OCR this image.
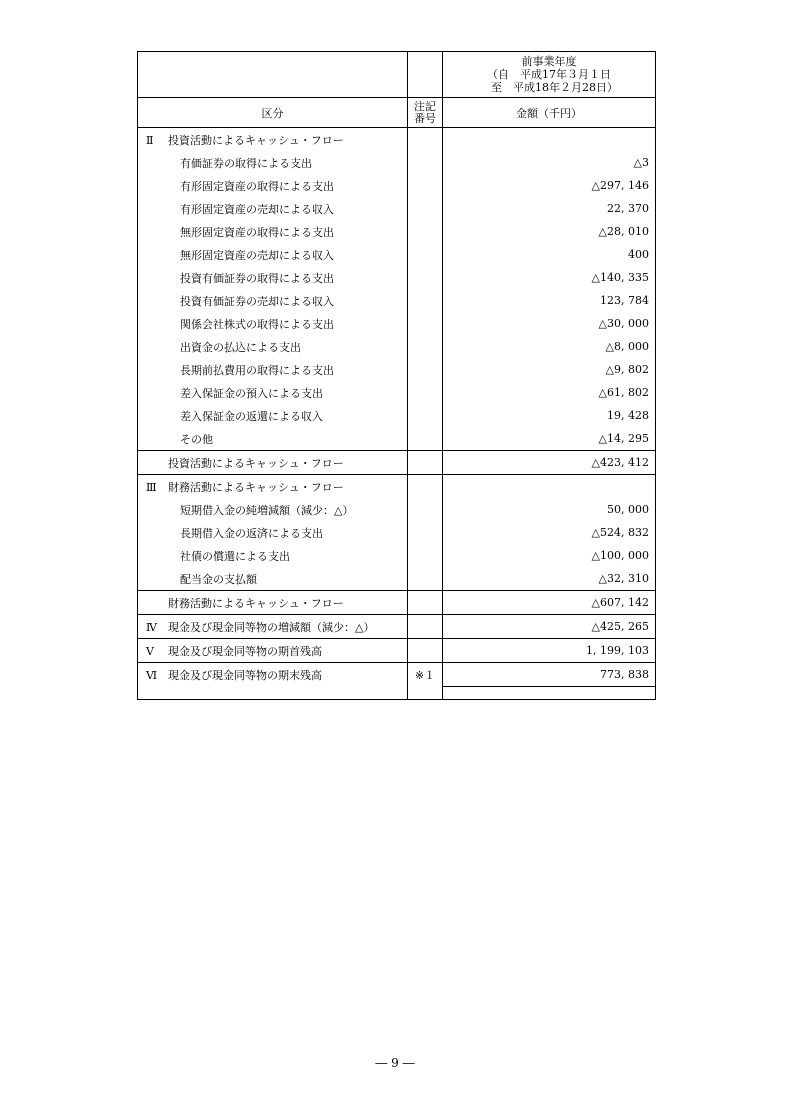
		前事業年度
（自　平成17年３月１日
　至　平成18年２月28日）

区分	注記番号	金額（千円）
Ⅱ 投資活動によるキャッシュ・フロー		
有価証券の取得による支出		△3
有形固定資産の取得による支出		△297, 146
有形固定資産の売却による収入		22, 370
無形固定資産の取得による支出		△28, 010
無形固定資産の売却による収入		400
投資有価証券の取得による支出		△140, 335
投資有価証券の売却による収入		123, 784
関係会社株式の取得による支出		△30, 000
出資金の払込による支出		△8, 000
長期前払費用の取得による支出		△9, 802
差入保証金の預入による支出		△61, 802
差入保証金の返還による収入		19, 428
その他		△14, 295
投資活動によるキャッシュ・フロー		△423, 412
Ⅲ 財務活動によるキャッシュ・フロー		
短期借入金の純増減額（減少：△）		50, 000
長期借入金の返済による支出		△524, 832
社債の償還による支出		△100, 000
配当金の支払額		△32, 310
財務活動によるキャッシュ・フロー		△607, 142
Ⅳ 現金及び現金同等物の増減額（減少：△）		△425, 265
Ⅴ 現金及び現金同等物の期首残高		1, 199, 103
Ⅵ 現金及び現金同等物の期末残高	※１	773, 838

― 9 ―
